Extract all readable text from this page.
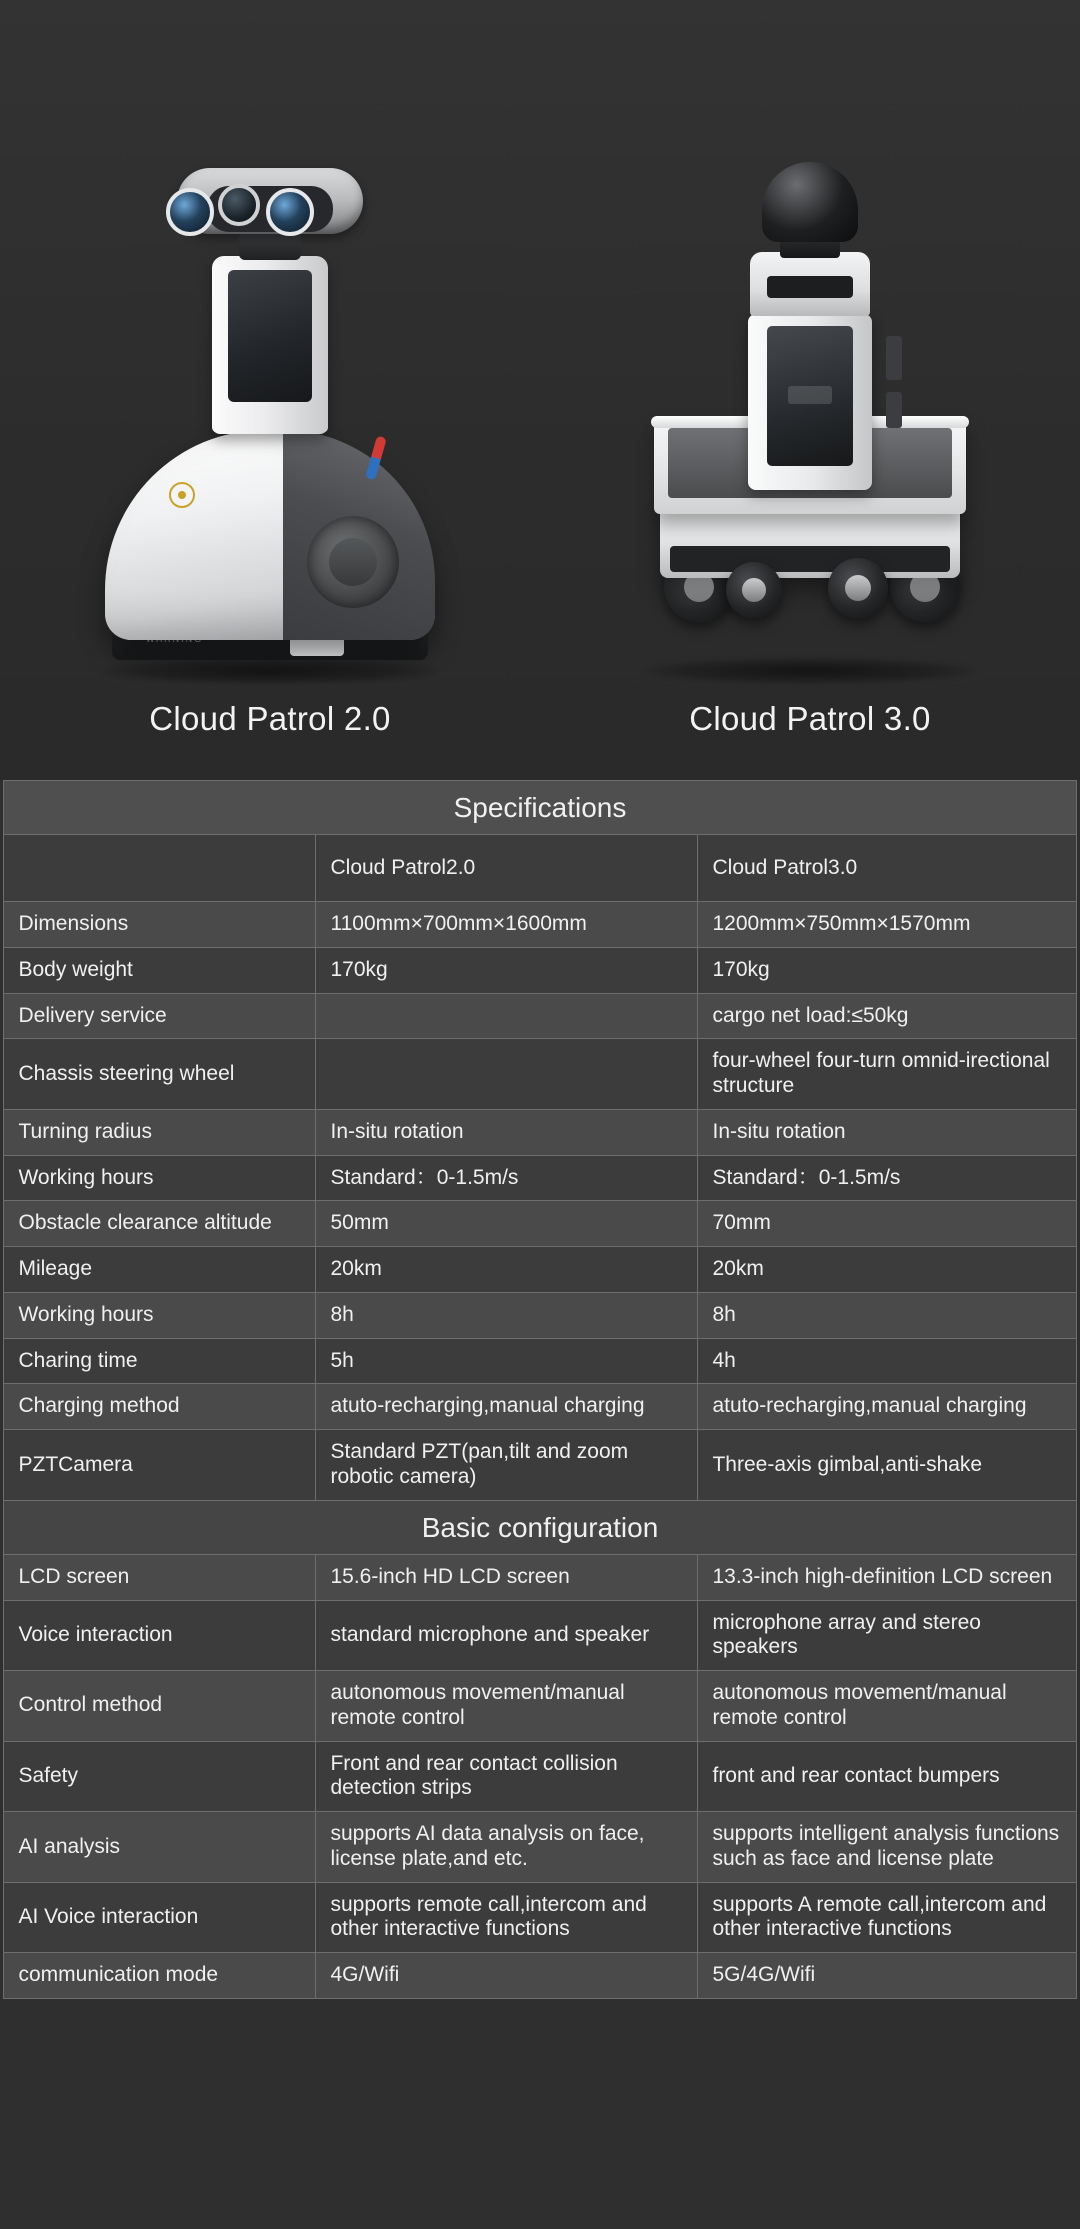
Cloud Patrol 2.0	Cloud Patrol 3.0
Specifications		
	Cloud Patrol2.0	Cloud Patrol3.0
Dimensions	1100mm×700mm×1600mm	1200mm×750mm×1570mm
Body weight	170kg	170kg
Delivery service		cargo net load:≤50kg
Chassis steering wheel		four-wheel four-turn omnid-irectional structure
Turning radius	In-situ rotation	In-situ rotation
Working hours	Standard：0-1.5m/s	Standard：0-1.5m/s
Obstacle clearance altitude	50mm	70mm
Mileage	20km	20km
Working hours	8h	8h
Charing time	5h	4h
Charging method	atuto-recharging,manual charging	atuto-recharging,manual charging
PZTCamera	Standard PZT(pan,tilt and zoom robotic camera)	Three-axis gimbal,anti-shake
Basic configuration		
LCD screen	15.6-inch HD LCD screen	13.3-inch high-definition LCD screen
Voice interaction	standard microphone and speaker	microphone array and stereo speakers
Control method	autonomous movement/manual remote control	autonomous movement/manual remote control
Safety	Front and rear contact collision detection strips	front and rear contact bumpers
AI analysis	supports AI data analysis on face, license plate,and etc.	supports intelligent analysis functions such as face and license plate
AI Voice interaction	supports remote call,intercom and other interactive functions	supports A remote call,intercom and other interactive functions
communication mode	4G/Wifi	5G/4G/Wifi
